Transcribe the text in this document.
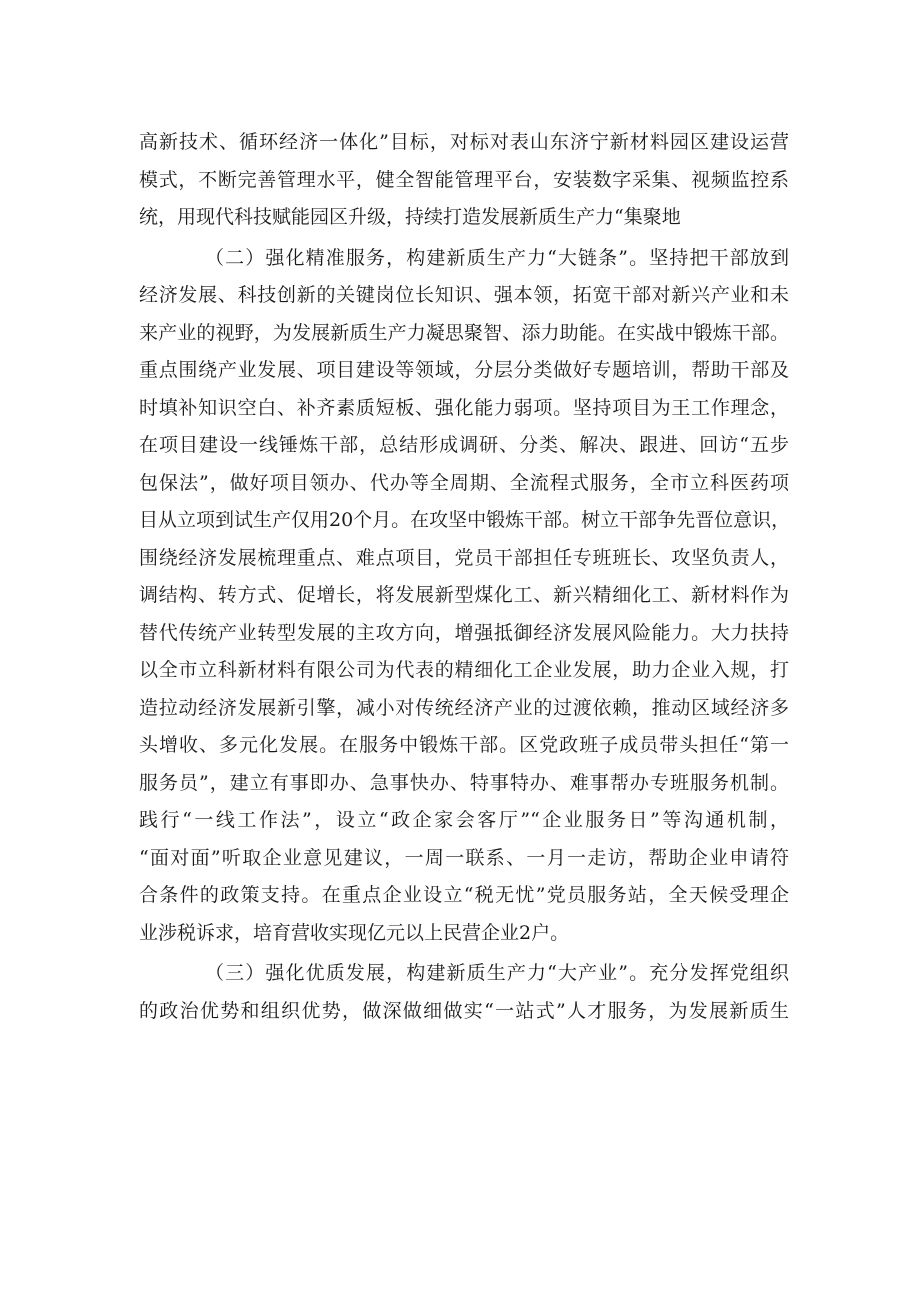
高新技术、循环经济一体化”目标，对标对表山东济宁新材料园区建设运营
模式，不断完善管理水平，健全智能管理平台，安装数字采集、视频监控系
统，用现代科技赋能园区升级，持续打造发展新质生产力“集聚地
（二）强化精准服务，构建新质生产力“大链条”。坚持把干部放到
经济发展、科技创新的关键岗位长知识、强本领，拓宽干部对新兴产业和未
来产业的视野，为发展新质生产力凝思聚智、添力助能。在实战中锻炼干部。
重点围绕产业发展、项目建设等领域，分层分类做好专题培训，帮助干部及
时填补知识空白、补齐素质短板、强化能力弱项。坚持项目为王工作理念，
在项目建设一线锤炼干部，总结形成调研、分类、解决、跟进、回访“五步
包保法”，做好项目领办、代办等全周期、全流程式服务，全市立科医药项
目从立项到试生产仅用20个月。在攻坚中锻炼干部。树立干部争先晋位意识，
围绕经济发展梳理重点、难点项目，党员干部担任专班班长、攻坚负责人，
调结构、转方式、促增长，将发展新型煤化工、新兴精细化工、新材料作为
替代传统产业转型发展的主攻方向，增强抵御经济发展风险能力。大力扶持
以全市立科新材料有限公司为代表的精细化工企业发展，助力企业入规，打
造拉动经济发展新引擎，减小对传统经济产业的过渡依赖，推动区域经济多
头增收、多元化发展。在服务中锻炼干部。区党政班子成员带头担任“第一
服务员”，建立有事即办、急事快办、特事特办、难事帮办专班服务机制。
践行“一线工作法”，设立“政企家会客厅”“企业服务日”等沟通机制，
“面对面”听取企业意见建议，一周一联系、一月一走访，帮助企业申请符
合条件的政策支持。在重点企业设立“税无忧”党员服务站，全天候受理企
业涉税诉求，培育营收实现亿元以上民营企业2户。
（三）强化优质发展，构建新质生产力“大产业”。充分发挥党组织
的政治优势和组织优势，做深做细做实“一站式”人才服务，为发展新质生
